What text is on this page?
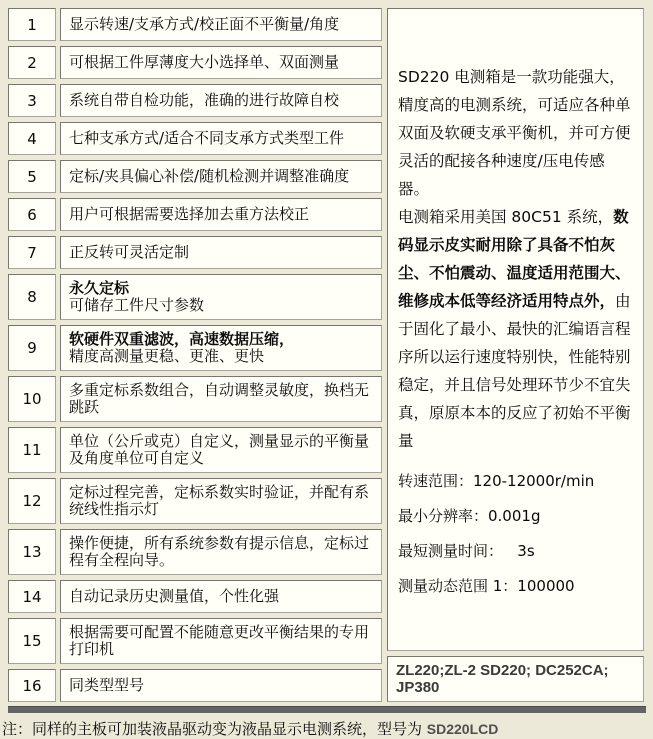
1	显示转速/支承方式/校正面不平衡量/角度
2	可根据工件厚薄度大小选择单、双面测量
3	系统自带自检功能，准确的进行故障自校
4	七种支承方式/适合不同支承方式类型工件
5	定标/夹具偏心补偿/随机检测并调整准确度
6	用户可根据需要选择加去重方法校正
7	正反转可灵活定制
8	永久定标
可储存工件尺寸参数
9	软硬件双重滤波，高速数据压缩，
精度高测量更稳、更准、更快
10	多重定标系数组合，自动调整灵敏度，换档无跳跃
11	单位（公斤或克）自定义，测量显示的平衡量及角度单位可自定义
12	定标过程完善，定标系数实时验证，并配有系统线性指示灯
13	操作便捷，所有系统参数有提示信息，定标过程有全程向导。
14	自动记录历史测量值，个性化强
15	根据需要可配置不能随意更改平衡结果的专用打印机
16	同类型型号

SD220 电测箱是一款功能强大，精度高的电测系统，可适应各种单双面及软硬支承平衡机，并可方便灵活的配接各种速度/压电传感器。

电测箱采用美国 80C51 系统，数码显示皮实耐用除了具备不怕灰尘、不怕震动、温度适用范围大、维修成本低等经济适用特点外，由于固化了最小、最快的汇编语言程序所以运行速度特别快，性能特别稳定，并且信号处理环节少不宜失真，原原本本的反应了初始不平衡量

转速范围：120-12000r/min
最小分辨率：0.001g
最短测量时间：   3s
测量动态范围 1：100000
ZL220;ZL-2 SD220; DC252CA; JP380
注：同样的主板可加装液晶驱动变为液晶显示电测系统，型号为 SD220LCD
